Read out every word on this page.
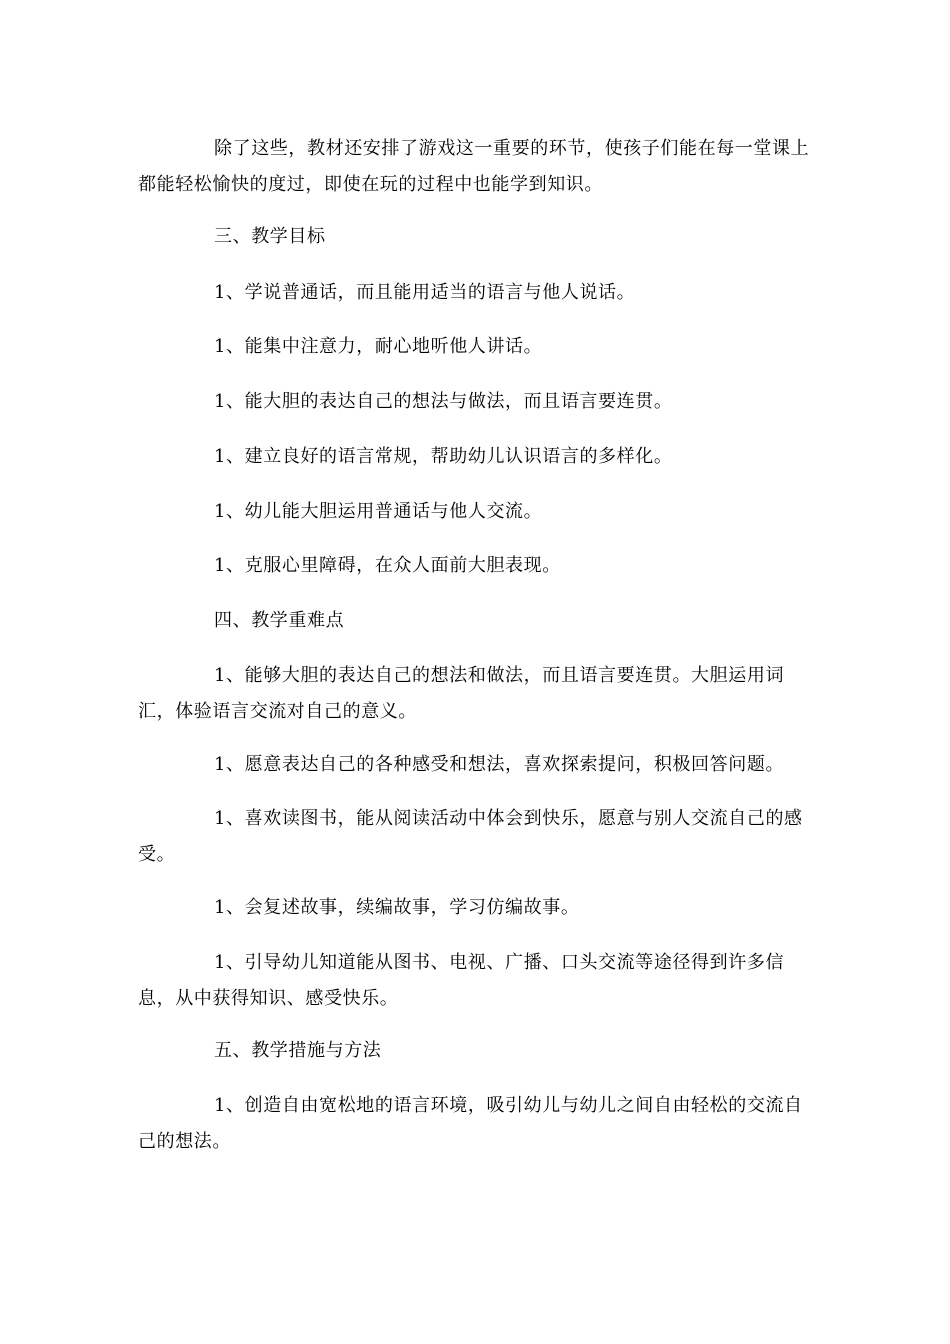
除了这些，教材还安排了游戏这一重要的环节，使孩子们能在每一堂课上都能轻松愉快的度过，即使在玩的过程中也能学到知识。

三、教学目标

1、学说普通话，而且能用适当的语言与他人说话。

1、能集中注意力，耐心地听他人讲话。

1、能大胆的表达自己的想法与做法，而且语言要连贯。

1、建立良好的语言常规，帮助幼儿认识语言的多样化。

1、幼儿能大胆运用普通话与他人交流。

1、克服心里障碍，在众人面前大胆表现。

四、教学重难点

1、能够大胆的表达自己的想法和做法，而且语言要连贯。大胆运用词汇，体验语言交流对自己的意义。

1、愿意表达自己的各种感受和想法，喜欢探索提问，积极回答问题。

1、喜欢读图书，能从阅读活动中体会到快乐，愿意与别人交流自己的感受。

1、会复述故事，续编故事，学习仿编故事。

1、引导幼儿知道能从图书、电视、广播、口头交流等途径得到许多信息，从中获得知识、感受快乐。

五、教学措施与方法

1、创造自由宽松地的语言环境，吸引幼儿与幼儿之间自由轻松的交流自己的想法。
